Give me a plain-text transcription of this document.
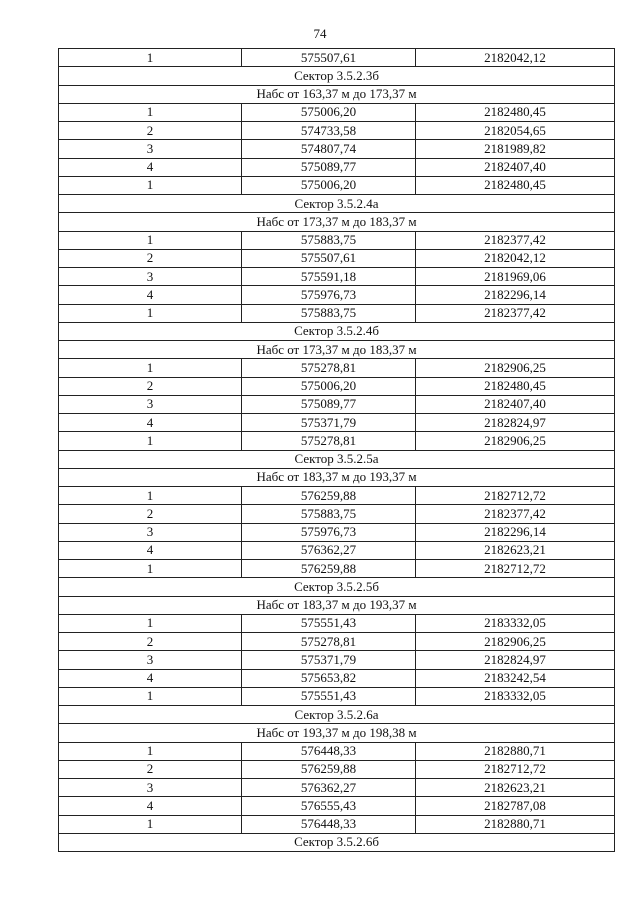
74
1	575507,61	2182042,12
Сектор 3.5.2.3б		
Набс от 163,37 м до 173,37 м		
1	575006,20	2182480,45
2	574733,58	2182054,65
3	574807,74	2181989,82
4	575089,77	2182407,40
1	575006,20	2182480,45
Сектор 3.5.2.4а		
Набс от 173,37 м до 183,37 м		
1	575883,75	2182377,42
2	575507,61	2182042,12
3	575591,18	2181969,06
4	575976,73	2182296,14
1	575883,75	2182377,42
Сектор 3.5.2.4б		
Набс от 173,37 м до 183,37 м		
1	575278,81	2182906,25
2	575006,20	2182480,45
3	575089,77	2182407,40
4	575371,79	2182824,97
1	575278,81	2182906,25
Сектор 3.5.2.5а		
Набс от 183,37 м до 193,37 м		
1	576259,88	2182712,72
2	575883,75	2182377,42
3	575976,73	2182296,14
4	576362,27	2182623,21
1	576259,88	2182712,72
Сектор 3.5.2.5б		
Набс от 183,37 м до 193,37 м		
1	575551,43	2183332,05
2	575278,81	2182906,25
3	575371,79	2182824,97
4	575653,82	2183242,54
1	575551,43	2183332,05
Сектор 3.5.2.6а		
Набс от 193,37 м до 198,38 м		
1	576448,33	2182880,71
2	576259,88	2182712,72
3	576362,27	2182623,21
4	576555,43	2182787,08
1	576448,33	2182880,71
Сектор 3.5.2.6б		
